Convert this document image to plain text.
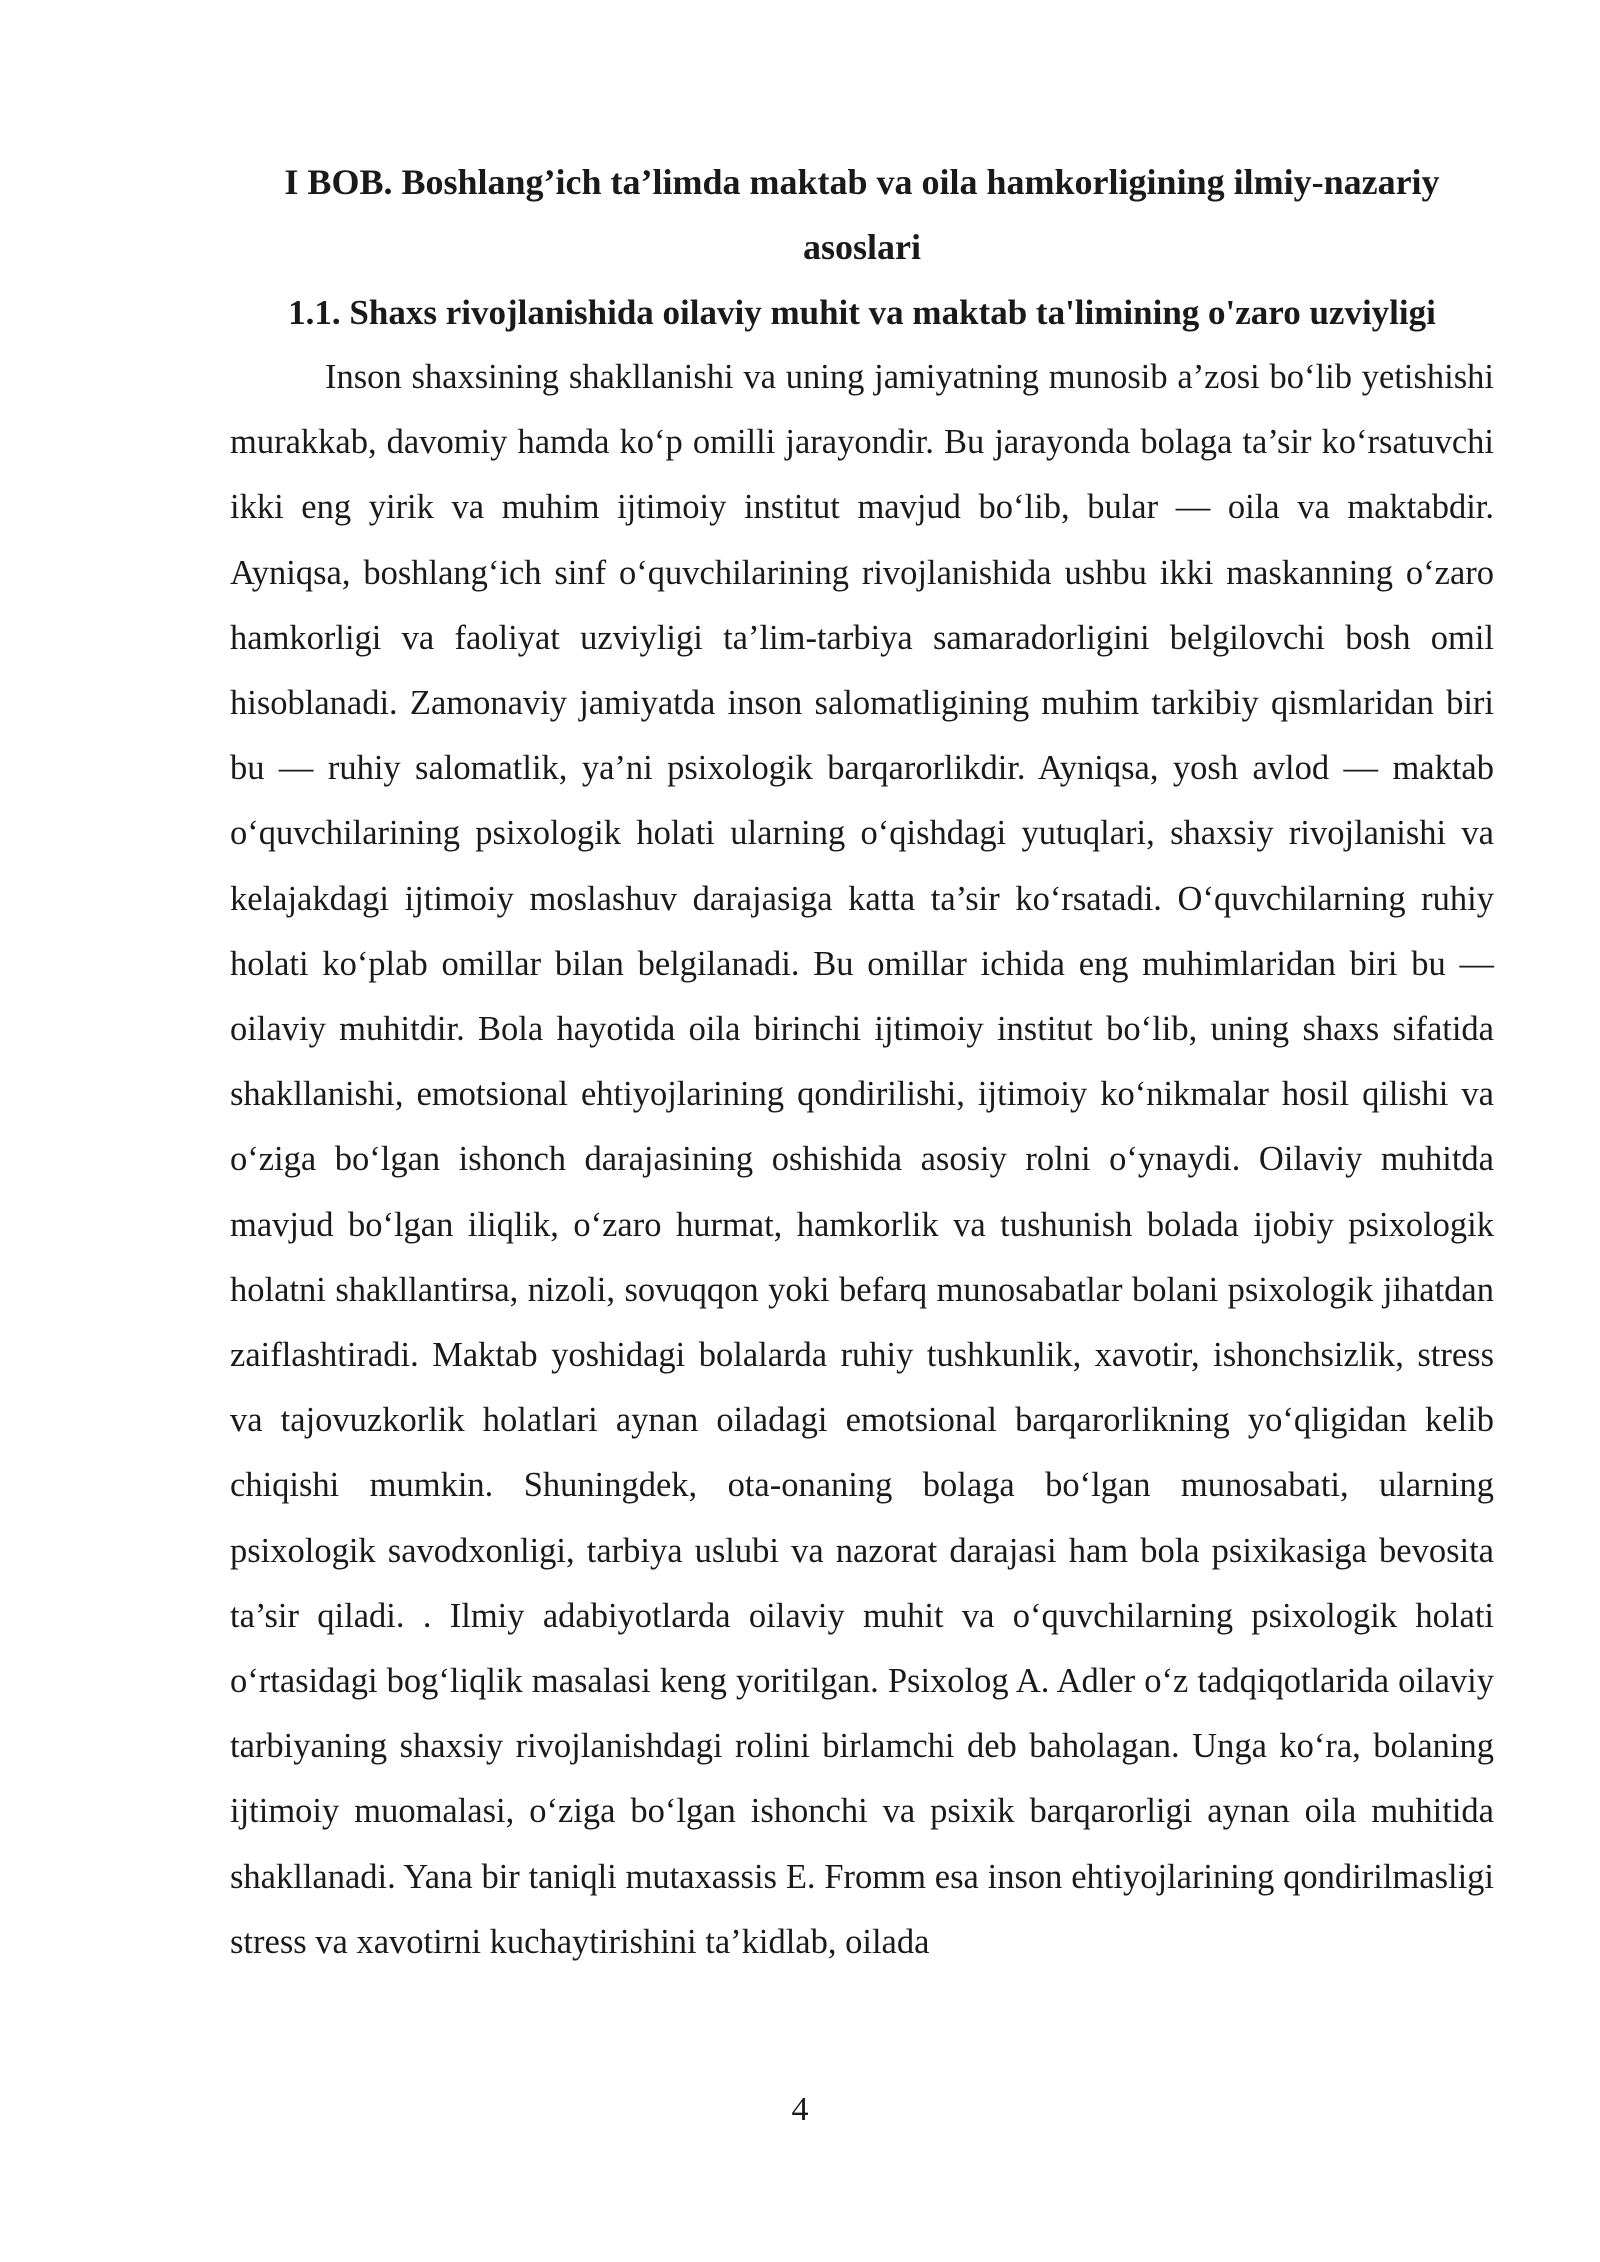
I BOB. Boshlang’ich ta’limda maktab va oila hamkorligining ilmiy-nazariy asoslari
1.1. Shaxs rivojlanishida oilaviy muhit va maktab ta'limining o'zaro uzviyligi

Inson shaxsining shakllanishi va uning jamiyatning munosib a’zosi bo‘lib yetishishi murakkab, davomiy hamda ko‘p omilli jarayondir. Bu jarayonda bolaga ta’sir ko‘rsatuvchi ikki eng yirik va muhim ijtimoiy institut mavjud bo‘lib, bular — oila va maktabdir. Ayniqsa, boshlang‘ich sinf o‘quvchilarining rivojlanishida ushbu ikki maskanning o‘zaro hamkorligi va faoliyat uzviyligi ta’lim-tarbiya samaradorligini belgilovchi bosh omil hisoblanadi. Zamonaviy jamiyatda inson salomatligining muhim tarkibiy qismlaridan biri bu — ruhiy salomatlik, ya’ni psixologik barqarorlikdir. Ayniqsa, yosh avlod — maktab o‘quvchilarining psixologik holati ularning o‘qishdagi yutuqlari, shaxsiy rivojlanishi va kelajakdagi ijtimoiy moslashuv darajasiga katta ta’sir ko‘rsatadi. O‘quvchilarning ruhiy holati ko‘plab omillar bilan belgilanadi. Bu omillar ichida eng muhimlaridan biri bu — oilaviy muhitdir. Bola hayotida oila birinchi ijtimoiy institut bo‘lib, uning shaxs sifatida shakllanishi, emotsional ehtiyojlarining qondirilishi, ijtimoiy ko‘nikmalar hosil qilishi va o‘ziga bo‘lgan ishonch darajasining oshishida asosiy rolni o‘ynaydi. Oilaviy muhitda mavjud bo‘lgan iliqlik, o‘zaro hurmat, hamkorlik va tushunish bolada ijobiy psixologik holatni shakllantirsa, nizoli, sovuqqon yoki befarq munosabatlar bolani psixologik jihatdan zaiflashtiradi. Maktab yoshidagi bolalarda ruhiy tushkunlik, xavotir, ishonchsizlik, stress va tajovuzkorlik holatlari aynan oiladagi emotsional barqarorlikning yo‘qligidan kelib chiqishi mumkin. Shuningdek, ota-onaning bolaga bo‘lgan munosabati, ularning psixologik savodxonligi, tarbiya uslubi va nazorat darajasi ham bola psixikasiga bevosita ta’sir qiladi. . Ilmiy adabiyotlarda oilaviy muhit va o‘quvchilarning psixologik holati o‘rtasidagi bog‘liqlik masalasi keng yoritilgan. Psixolog A. Adler o‘z tadqiqotlarida oilaviy tarbiyaning shaxsiy rivojlanishdagi rolini birlamchi deb baholagan. Unga ko‘ra, bolaning ijtimoiy muomalasi, o‘ziga bo‘lgan ishonchi va psixik barqarorligi aynan oila muhitida shakllanadi. Yana bir taniqli mutaxassis E. Fromm esa inson ehtiyojlarining qondirilmasligi stress va xavotirni kuchaytirishini ta’kidlab, oilada

4
